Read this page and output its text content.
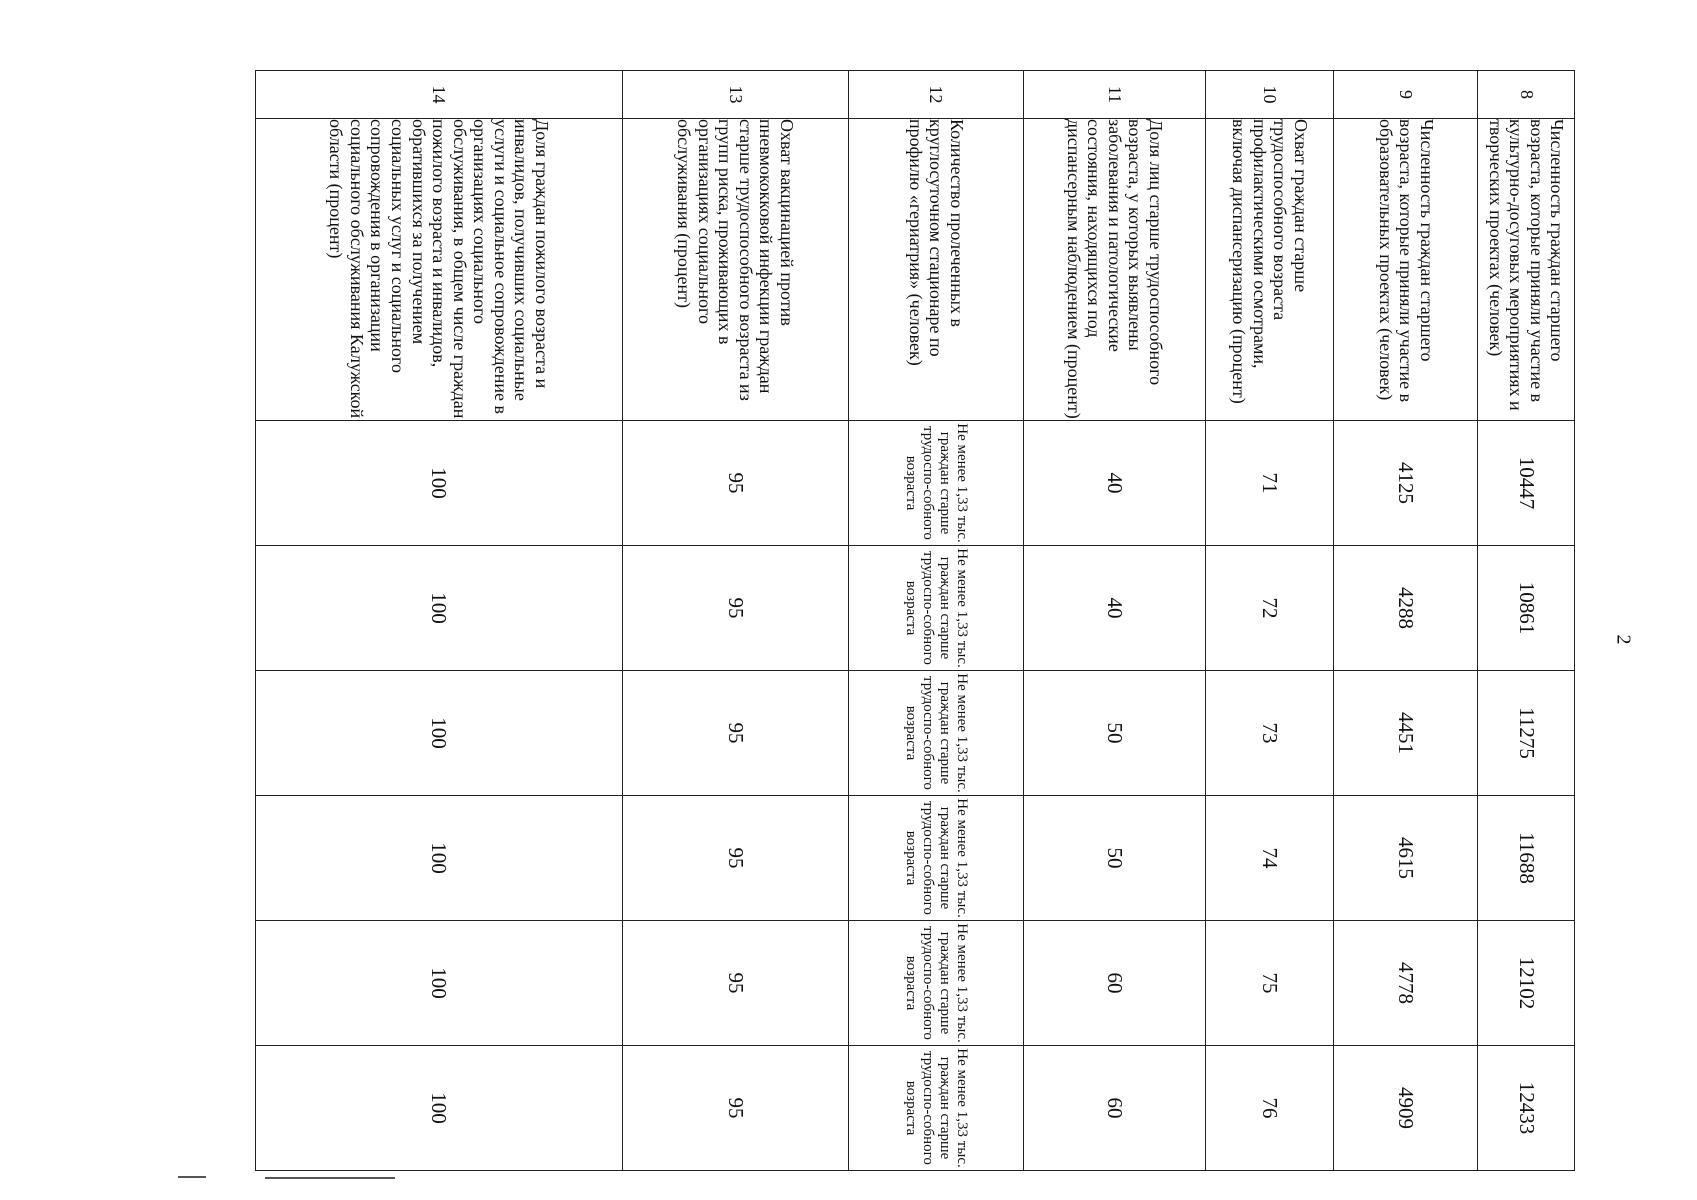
2
8	Численность граждан старшего возраста, которые приняли участие в культурно-досуговых мероприятиях и творческих проектах (человек)	10447	10861	11275	11688	12102	12433
9	Численность граждан старшего возраста, которые приняли участие в образовательных проектах (человек)	4125	4288	4451	4615	4778	4909
10	Охват граждан старше трудоспособного возраста профилактическими осмотрами, включая диспансеризацию (процент)	71	72	73	74	75	76
11	Доля лиц старше трудоспособного возраста, у которых выявлены заболевания и патологические состояния, находящихся под диспансерным наблюдением (процент)	40	40	50	50	60	60
12	Количество пролеченных в круглосуточном стационаре по профилю «гериатрия» (человек)	Не менее 1,33 тыс. граждан старше трудоспо-собного возраста	Не менее 1,33 тыс. граждан старше трудоспо-собного возраста	Не менее 1,33 тыс. граждан старше трудоспо-собного возраста	Не менее 1,33 тыс. граждан старше трудоспо-собного возраста	Не менее 1,33 тыс. граждан старше трудоспо-собного возраста	Не менее 1,33 тыс. граждан старше трудоспо-собного возраста
13	Охват вакцинацией против пневмококковой инфекции граждан старше трудоспособного возраста из групп риска, проживающих в организациях социального обслуживания (процент)	95	95	95	95	95	95
14	Доля граждан пожилого возраста и инвалидов, получивших социальные услуги и социальное сопровождение в организациях социального обслуживания, в общем числе граждан пожилого возраста и инвалидов, обратившихся за получением социальных услуг и социального сопровождения в организации социального обслуживания Калужской области (процент)	100	100	100	100	100	100
